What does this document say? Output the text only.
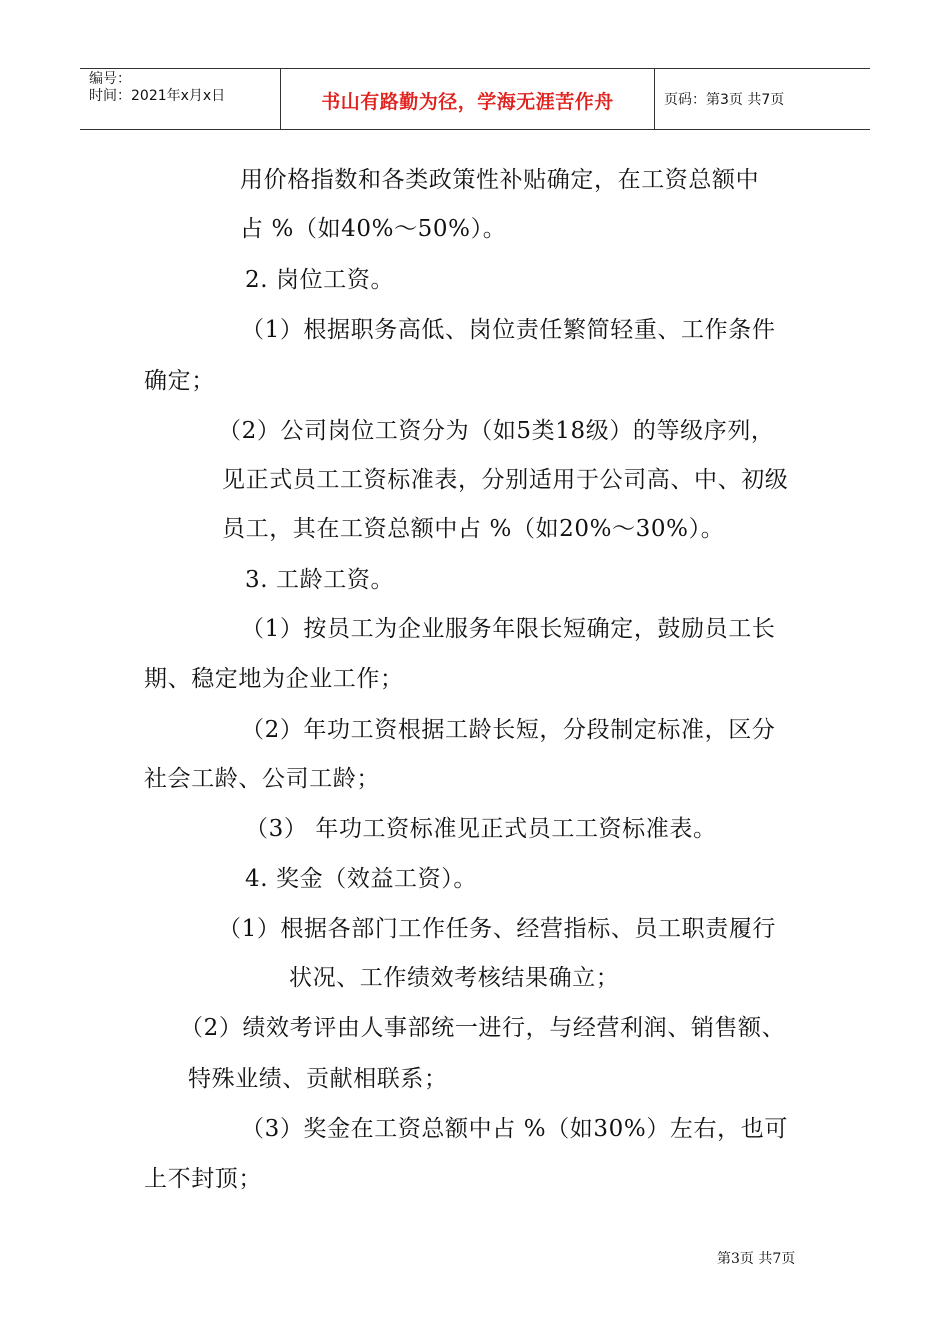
编号：
时间：2021年x月x日	书山有路勤为径，学海无涯苦作舟	页码：第3页 共7页
用价格指数和各类政策性补贴确定，在工资总额中
占 %（如40%～50%）。
2. 岗位工资。
（1）根据职务高低、岗位责任繁简轻重、工作条件
确定；
（2）公司岗位工资分为（如5类18级）的等级序列，
见正式员工工资标准表，分别适用于公司高、中、初级
员工，其在工资总额中占 %（如20%～30%）。
3. 工龄工资。
（1）按员工为企业服务年限长短确定，鼓励员工长
期、稳定地为企业工作；
（2）年功工资根据工龄长短，分段制定标准，区分
社会工龄、公司工龄；
（3） 年功工资标准见正式员工工资标准表。
4. 奖金（效益工资）。
（1）根据各部门工作任务、经营指标、员工职责履行
状况、工作绩效考核结果确立；
（2）绩效考评由人事部统一进行，与经营利润、销售额、
特殊业绩、贡献相联系；
（3）奖金在工资总额中占 %（如30%）左右，也可
上不封顶；
第3页 共7页
